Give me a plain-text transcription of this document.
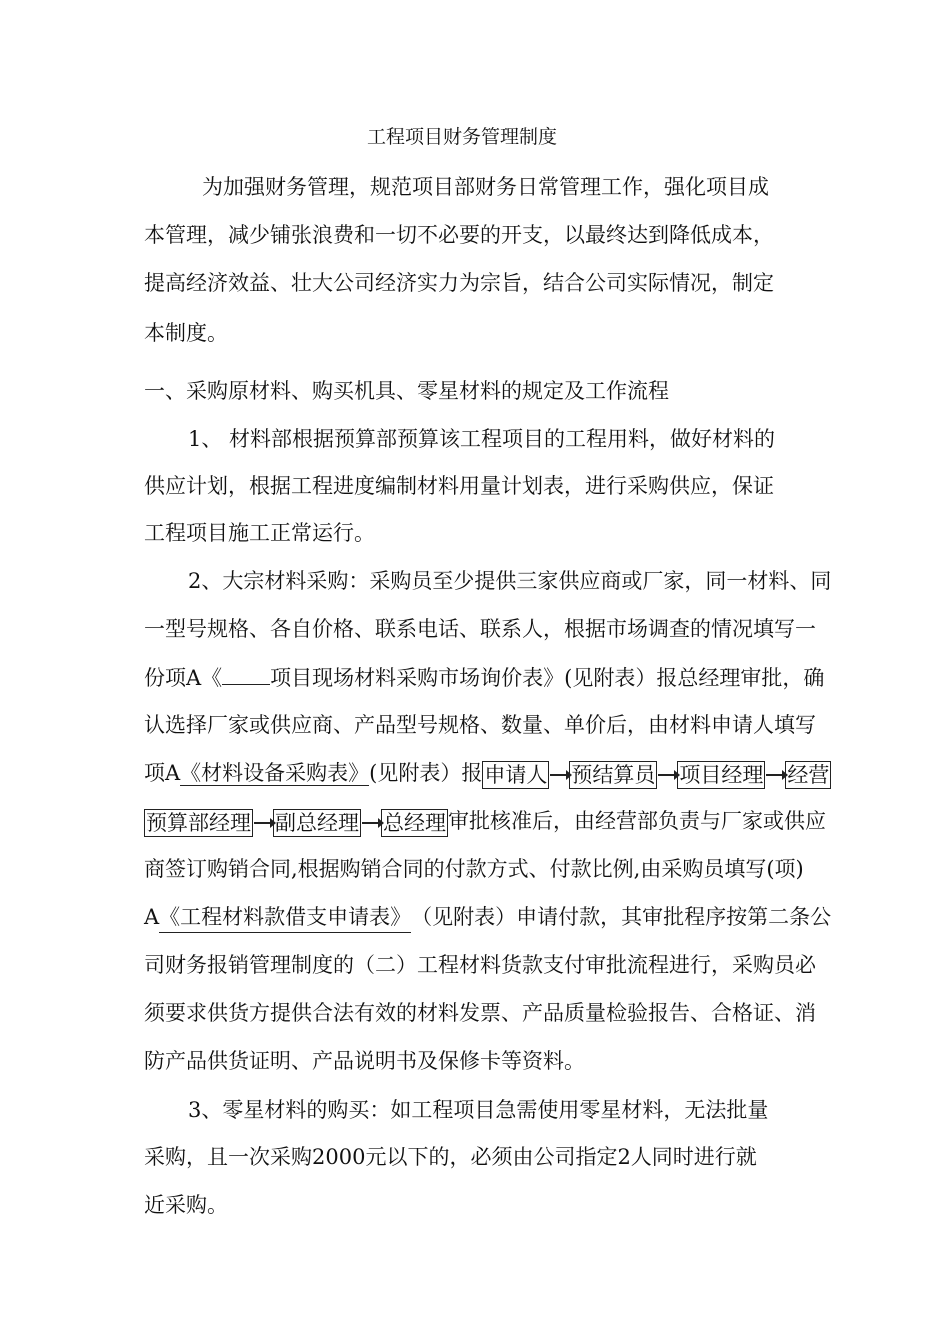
工程项目财务管理制度
为加强财务管理，规范项目部财务日常管理工作，强化项目成
本管理，减少铺张浪费和一切不必要的开支，以最终达到降低成本，
提高经济效益、壮大公司经济实力为宗旨，结合公司实际情况，制定
本制度。
一、采购原材料、购买机具、零星材料的规定及工作流程
1、 材料部根据预算部预算该工程项目的工程用料，做好材料的
供应计划，根据工程进度编制材料用量计划表，进行采购供应，保证
工程项目施工正常运行。
2、大宗材料采购：采购员至少提供三家供应商或厂家，同一材料、同
一型号规格、各自价格、联系电话、联系人，根据市场调查的情况填写一
份项A《 项目现场材料采购市场询价表》(见附表）报总经理审批，确
认选择厂家或供应商、产品型号规格、数量、单价后，由材料申请人填写
项A《材料设备采购表》(见附表）报申请人 预结算员 项目经理 经营
预算部经理 副总经理 总经理审批核准后，由经营部负责与厂家或供应
商签订购销合同,根据购销合同的付款方式、付款比例,由采购员填写(项)
A《工程材料款借支申请表》（见附表）申请付款，其审批程序按第二条公
司财务报销管理制度的（二）工程材料货款支付审批流程进行，采购员必
须要求供货方提供合法有效的材料发票、产品质量检验报告、合格证、消
防产品供货证明、产品说明书及保修卡等资料。
3、零星材料的购买：如工程项目急需使用零星材料，无法批量
采购，且一次采购2000元以下的，必须由公司指定2人同时进行就
近采购。
